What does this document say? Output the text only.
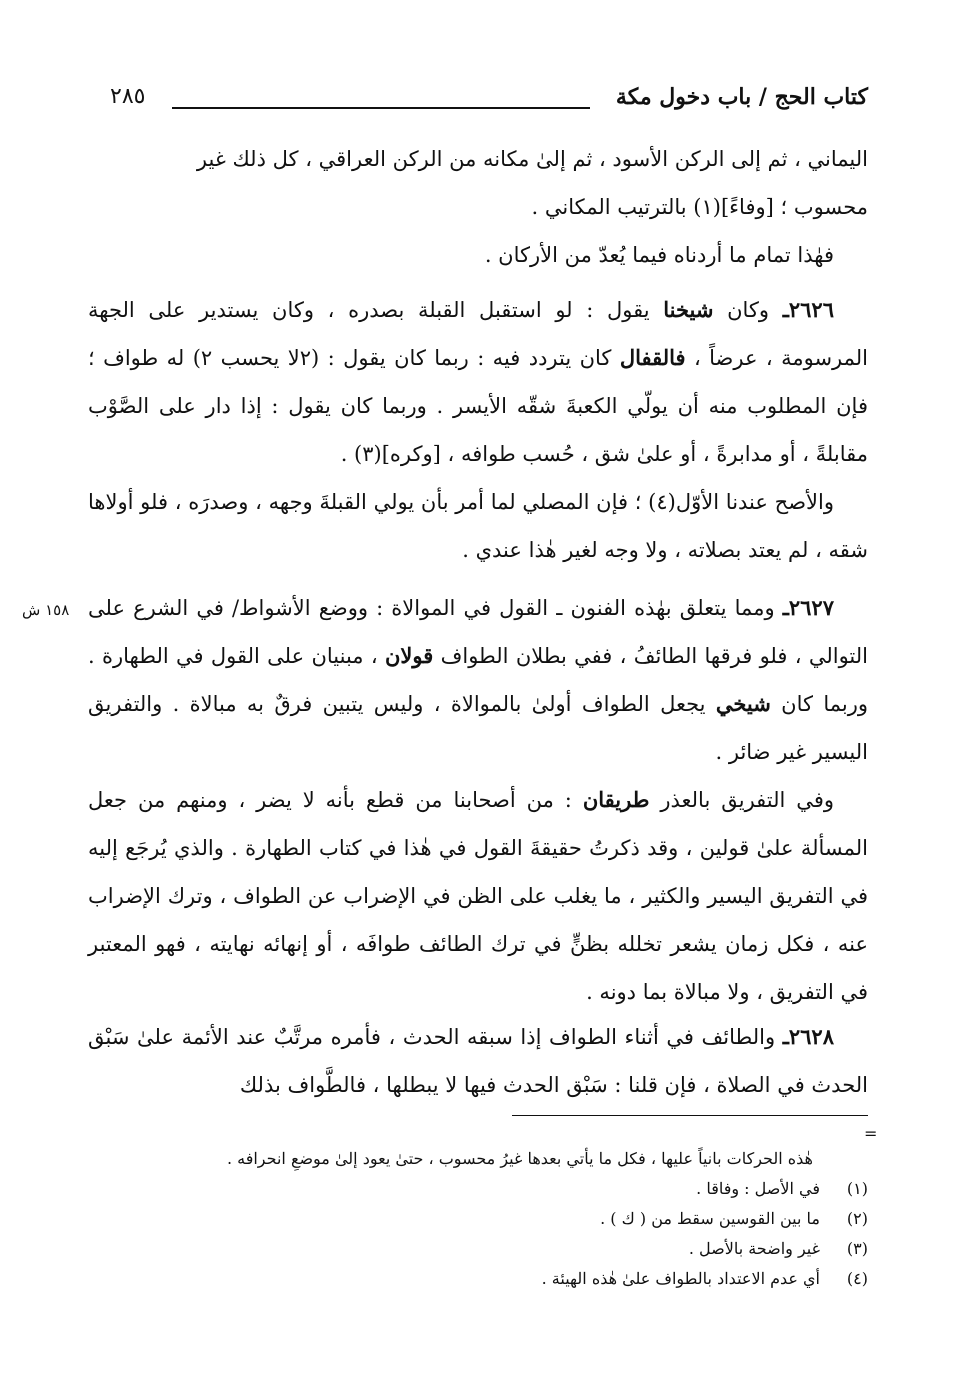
كتاب الحج / باب دخول مكة
٢٨٥

اليماني ، ثم إلى الركن الأسود ، ثم إلىٰ مكانه من الركن العراقي ، كل ذلك غير

محسوب ؛ [وفاءً](١) بالترتيب المكاني .

فهٰذا تمام ما أردناه فيما يُعدّ من الأركان .

٢٦٢٦ـ وكان شيخنا يقول : لو استقبل القبلة بصدره ، وكان يستدير على الجهة المرسومة ، عرضاً ، فالقفال كان يتردد فيه : ربما كان يقول : (٢لا يحسب ٢) له طواف ؛ فإن المطلوب منه أن يولّي الكعبةَ شقّه الأيسر . وربما كان يقول : إذا دار على الصَّوْب مقابلةً ، أو مدابرةً ، أو علىٰ شق ، حُسب طوافه ، [وكره](٣) .

والأصح عندنا الأوّل(٤) ؛ فإن المصلي لما أمر بأن يولي القبلةَ وجهه ، وصدرَه ، فلو أولاها شقه ، لم يعتد بصلاته ، ولا وجه لغير هٰذا عندي .

١٥٨ ش	٢٦٢٧ـ ومما يتعلق بهٰذه الفنون ـ القول في الموالاة : ووضع الأشواط/ في الشرع على التوالي ، فلو فرقها الطائفُ ، ففي بطلان الطواف قولان ، مبنيان على القول في الطهارة . وربما كان شيخي يجعل الطواف أولىٰ بالموالاة ، وليس يتبين فرقٌ به مبالاة . والتفريق اليسير غير ضائر .

وفي التفريق بالعذر طريقان : من أصحابنا من قطع بأنه لا يضر ، ومنهم من جعل المسألة علىٰ قولين ، وقد ذكرتُ حقيقةَ القول في هٰذا في كتاب الطهارة . والذي يُرجَع إليه في التفريق اليسير والكثير ، ما يغلب على الظن في الإضراب عن الطواف ، وترك الإضراب عنه ، فكل زمان يشعر تخلله بظنٍّ في ترك الطائف طوافَه ، أو إنهائه نهايته ، فهو المعتبر في التفريق ، ولا مبالاة بما دونه .

٢٦٢٨ـ والطائف في أثناء الطواف إذا سبقه الحدث ، فأمره مرتَّبٌ عند الأئمة علىٰ سَبْق الحدث في الصلاة ، فإن قلنا : سَبْق الحدث فيها لا يبطلها ، فالطَّواف بذلك

=

هٰذه الحركات بانياً عليها ، فكل ما يأتي بعدها غيرُ محسوب ، حتىٰ يعود إلىٰ موضعِ انحرافه .

(١)في الأصل : وفاقا .

(٢)ما بين القوسين سقط من ( ك ) .

(٣)غير واضحة بالأصل .

(٤)أي عدم الاعتداد بالطواف علىٰ هٰذه الهيئة .
